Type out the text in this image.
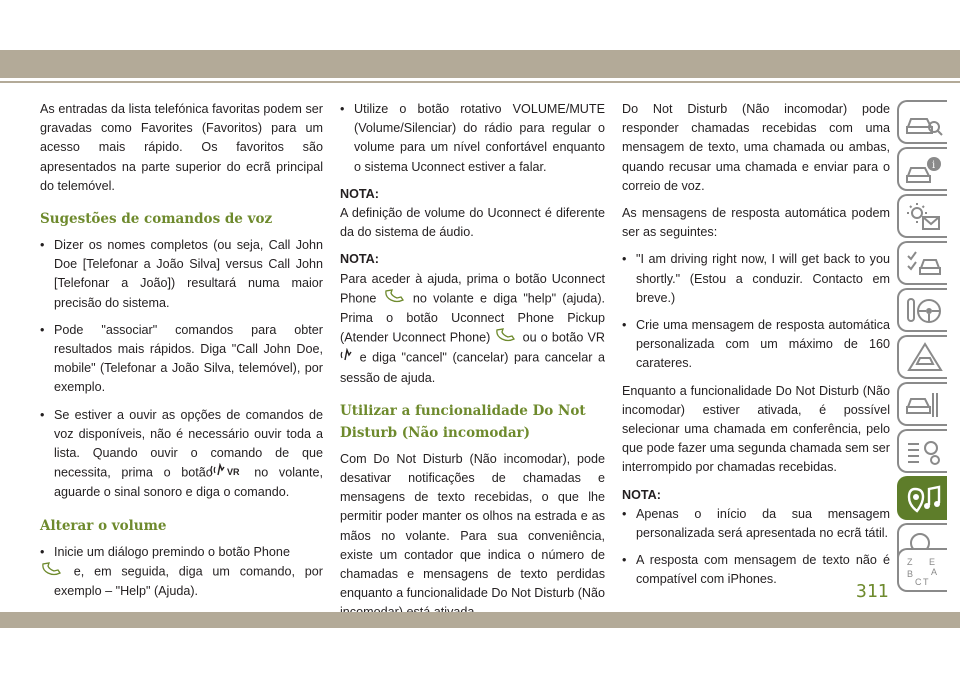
As entradas da lista telefónica favoritas podem ser gravadas como Favorites (Favoritos) para um acesso mais rápido. Os favoritos são apresentados na parte superior do ecrã principal do telemóvel.

Sugestões de comandos de voz

• Dizer os nomes completos (ou seja, Call John Doe [Telefonar a João Silva] versus Call John [Telefonar a João]) resultará numa maior precisão do sistema.

• Pode "associar" comandos para obter resultados mais rápidos. Diga "Call John Doe, mobile" (Telefonar a João Silva, telemóvel), por exemplo.

• Se estiver a ouvir as opções de comandos de voz disponíveis, não é necessário ouvir toda a lista. Quando ouvir o comando de que necessita, prima o botão VR no volante, aguarde o sinal sonoro e diga o comando.

Alterar o volume

• Inicie um diálogo premindo o botão Phone
e, em seguida, diga um comando, por exemplo – "Help" (Ajuda).

• Utilize o botão rotativo VOLUME/MUTE (Volume/Silenciar) do rádio para regular o volume para um nível confortável enquanto o sistema Uconnect estiver a falar.

NOTA:

A definição de volume do Uconnect é diferente da do sistema de áudio.

NOTA:

Para aceder à ajuda, prima o botão Uconnect Phone	no volante e diga "help" (ajuda). Prima o botão Uconnect Phone Pickup (Atender Uconnect Phone)	ou o botão VR  e diga "cancel" (cancelar) para cancelar a sessão de ajuda.

Utilizar a funcionalidade Do Not Disturb (Não incomodar)

Com Do Not Disturb (Não incomodar), pode desativar notificações de chamadas e mensagens de texto recebidas, o que lhe permitir poder manter os olhos na estrada e as mãos no volante. Para sua conveniência, existe um contador que indica o número de chamadas e mensagens de texto perdidas enquanto a funcionalidade Do Not Disturb (Não

Do Not Disturb (Não incomodar) pode responder chamadas recebidas com uma mensagem de texto, uma chamada ou ambas, quando recusar uma chamada e enviar para o correio de voz.

As mensagens de resposta automática podem ser as seguintes:

• "I am driving right now, I will get back to you shortly." (Estou a conduzir. Contacto em breve.)

• Crie uma mensagem de resposta automática personalizada com um máximo de 160 carateres.

Enquanto a funcionalidade Do Not Disturb (Não incomodar) estiver ativada, é possível selecionar uma chamada em conferência, pelo que pode fazer uma segunda chamada sem ser interrompido por chamadas recebidas.

NOTA:

• Apenas o início da sua mensagem personalizada será apresentada no ecrã tátil.

• A resposta com mensagem de texto não é compatível com iPhones.

i
Z E
B A
C T
311
